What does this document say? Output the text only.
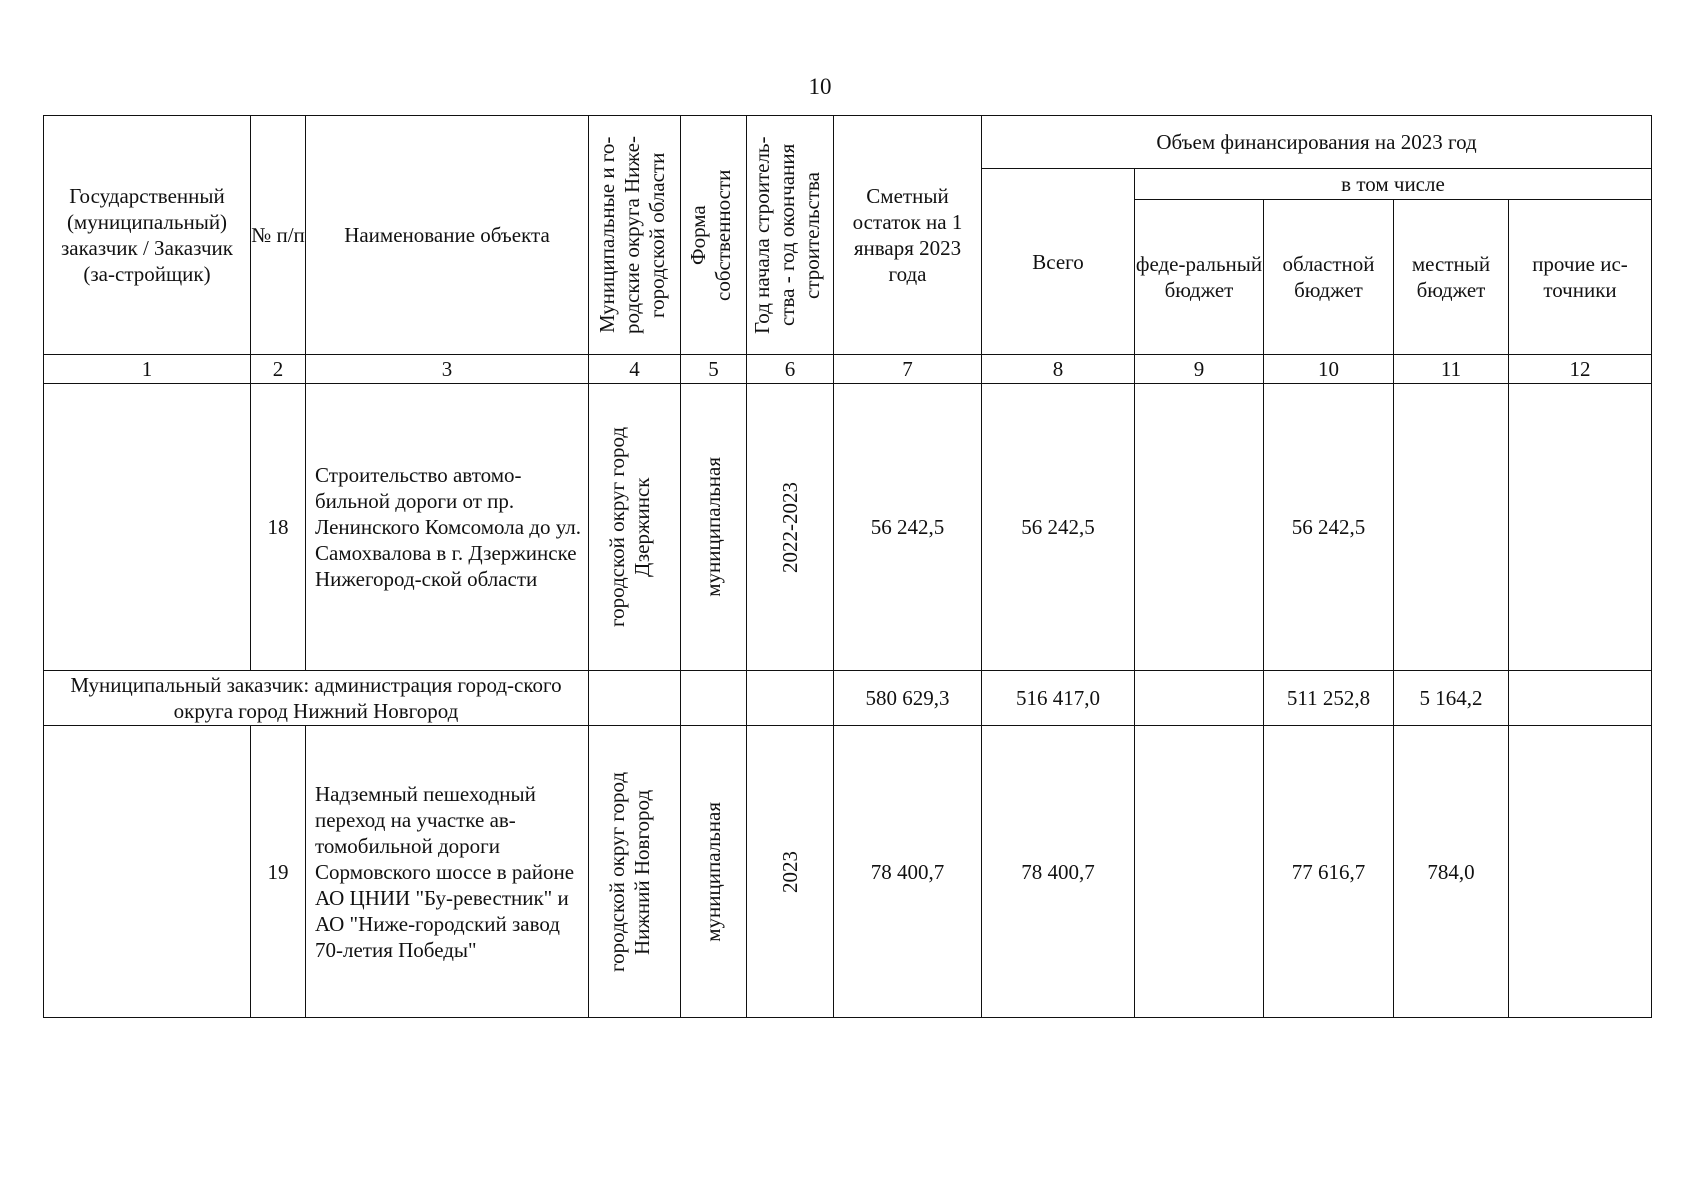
10
Государственный (муниципальный) заказчик / Заказчик (за-стройщик)	№ п/п	Наименование объекта	Муниципальные и го-родские округа Ниже-городской области	Форма собственности	Год начала строитель-ства - год окончания строительства	Сметный остаток на 1 января 2023 года	Объем финансирования на 2023 год				
							Всего	в том числе			
								феде-ральный бюджет	областной бюджет	местный бюджет	прочие ис-точники
1	2	3	4	5	6	7	8	9	10	11	12
	18	Строительство автомо-бильной дороги от пр. Ленинского Комсомола до ул. Самохвалова в г. Дзержинске Нижегород-ской области	городской округ город Дзержинск	муниципальная	2022-2023	56 242,5	56 242,5		56 242,5		
Муниципальный заказчик: администрация город-ского округа город Нижний Новгород						580 629,3	516 417,0		511 252,8	5 164,2	
	19	Надземный пешеходный переход на участке ав-томобильной дороги Сормовского шоссе в районе АО ЦНИИ "Бу-ревестник" и АО "Ниже-городский завод 70-летия Победы"	городской округ город Нижний Новгород	муниципальная	2023	78 400,7	78 400,7		77 616,7	784,0	
